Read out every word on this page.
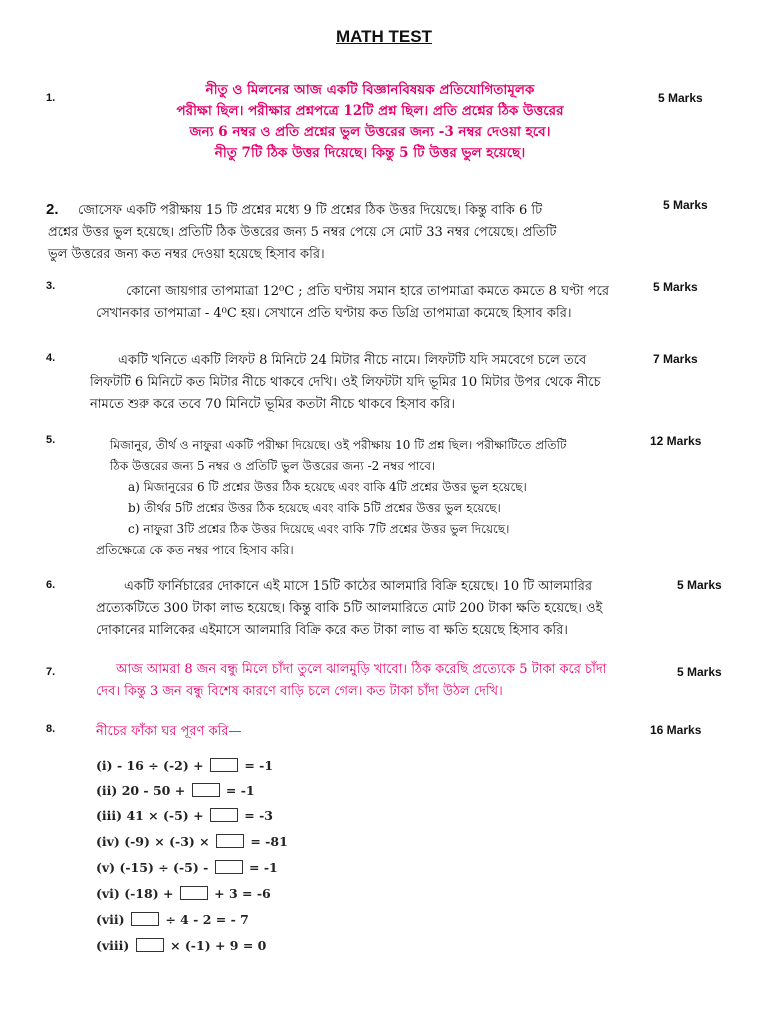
MATH TEST
1.	5 Marks
নীতু ও মিলনের আজ একটি বিজ্ঞানবিষয়ক প্রতিযোগিতামূলক
পরীক্ষা ছিল। পরীক্ষার প্রশ্নপত্রে 12টি প্রশ্ন ছিল। প্রতি প্রশ্নের ঠিক উত্তরের
জন্য 6 নম্বর ও প্রতি প্রশ্নের ভুল উত্তরের জন্য -3 নম্বর দেওয়া হবে।
নীতু 7টি ঠিক উত্তর দিয়েছে। কিন্তু 5 টি উত্তর ভুল হয়েছে।
2.	5 Marks
জোসেফ একটি পরীক্ষায় 15 টি প্রশ্নের মধ্যে 9 টি প্রশ্নের ঠিক উত্তর দিয়েছে। কিন্তু বাকি 6 টি
প্রশ্নের উত্তর ভুল হয়েছে। প্রতিটি ঠিক উত্তরের জন্য 5 নম্বর পেয়ে সে মোট 33 নম্বর পেয়েছে। প্রতিটি
ভুল উত্তরের জন্য কত নম্বর দেওয়া হয়েছে হিসাব করি।
3.	5 Marks
কোনো জায়গার তাপমাত্রা 12⁰C ; প্রতি ঘণ্টায় সমান হারে তাপমাত্রা কমতে কমতে 8 ঘণ্টা পরে
সেখানকার তাপমাত্রা - 4⁰C হয়। সেখানে প্রতি ঘণ্টায় কত ডিগ্রি তাপমাত্রা কমেছে হিসাব করি।
4.	7 Marks
একটি খনিতে একটি লিফট 8 মিনিটে 24 মিটার নীচে নামে। লিফটটি যদি সমবেগে চলে তবে
লিফটটি 6 মিনিটে কত মিটার নীচে থাকবে দেখি। ওই লিফটটা যদি ভূমির 10 মিটার উপর থেকে নীচে
নামতে শুরু করে তবে 70 মিনিটে ভূমির কতটা নীচে থাকবে হিসাব করি।
5.	12 Marks
মিজানুর, তীর্থ ও নাফুরা একটি পরীক্ষা দিয়েছে। ওই পরীক্ষায় 10 টি প্রশ্ন ছিল। পরীক্ষাটিতে প্রতিটি
ঠিক উত্তরের জন্য 5 নম্বর ও প্রতিটি ভুল উত্তরের জন্য -2 নম্বর পাবে।
a) মিজানুরের 6 টি প্রশ্নের উত্তর ঠিক হয়েছে এবং বাকি 4টি প্রশ্নের উত্তর ভুল হয়েছে।
b) তীর্থর 5টি প্রশ্নের উত্তর ঠিক হয়েছে এবং বাকি 5টি প্রশ্নের উত্তর ভুল হয়েছে।
c) নাফুরা 3টি প্রশ্নের ঠিক উত্তর দিয়েছে এবং বাকি 7টি প্রশ্নের উত্তর ভুল দিয়েছে।
প্রতিক্ষেত্রে কে কত নম্বর পাবে হিসাব করি।
6.	5 Marks
একটি ফার্নিচারের দোকানে এই মাসে 15টি কাঠের আলমারি বিক্রি হয়েছে। 10 টি আলমারির
প্রত্যেকটিতে 300 টাকা লাভ হয়েছে। কিন্তু বাকি 5টি আলমারিতে মোট 200 টাকা ক্ষতি হয়েছে। ওই
দোকানের মালিকের এইমাসে আলমারি বিক্রি করে কত টাকা লাভ বা ক্ষতি হয়েছে হিসাব করি।
7.	5 Marks
আজ আমরা 8 জন বন্ধু মিলে চাঁদা তুলে ঝালমুড়ি খাবো। ঠিক করেছি প্রত্যেকে 5 টাকা করে চাঁদা
দেব। কিন্তু 3 জন বন্ধু বিশেষ কারণে বাড়ি চলে গেল। কত টাকা চাঁদা উঠল দেখি।
8.	16 Marks
নীচের ফাঁকা ঘর পূরণ করি—
(i) - 16 ÷ (-2) +	= -1
(ii) 20 - 50 +	= -1
(iii) 41 × (-5) +	= -3
(iv) (-9) × (-3) ×	= -81
(v) (-15) ÷ (-5) -	= -1
(vi) (-18) +	+ 3 = -6
(vii)	÷ 4 - 2 = - 7
(viii)	× (-1) + 9 = 0
